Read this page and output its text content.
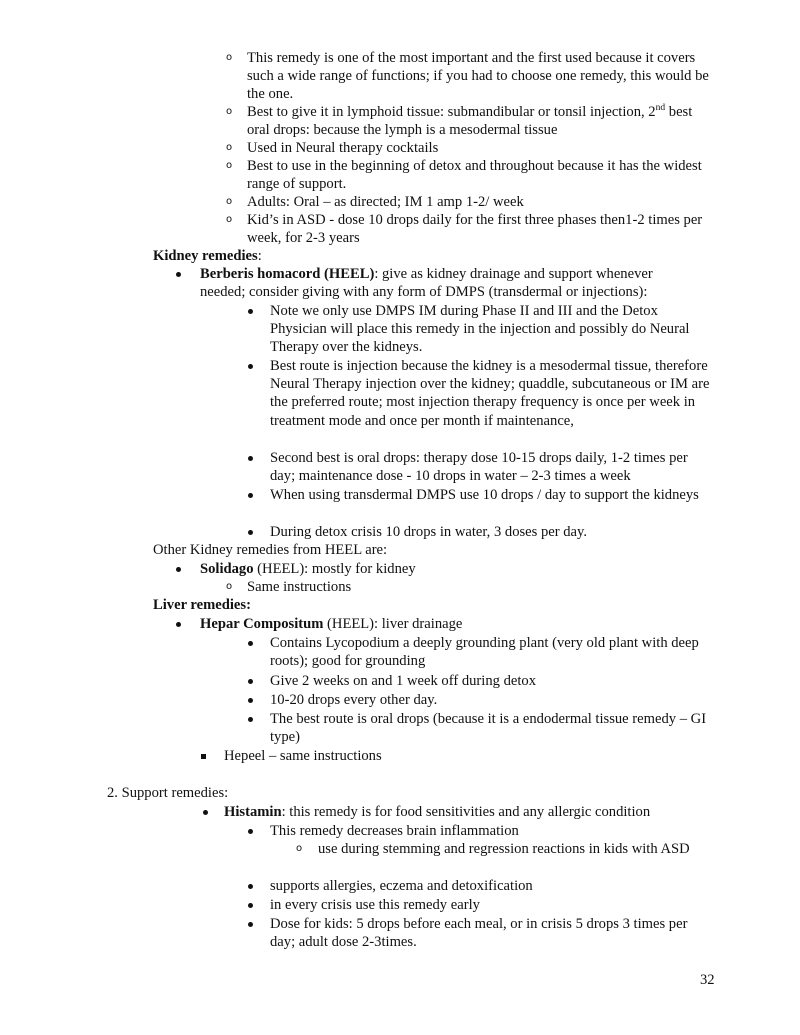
o This remedy is one of the most important and the first used because it covers such a wide range of functions; if you had to choose one remedy, this would be the one.

o Best to give it in lymphoid tissue: submandibular or tonsil injection, 2nd best oral drops: because the lymph is a mesodermal tissue

o Used in Neural therapy cocktails

o Best to use in the beginning of detox and throughout because it has the widest range of support.

o Adults: Oral – as directed; IM 1 amp 1-2/ week

o Kid’s in ASD - dose 10 drops daily for the first three phases then1-2 times per week, for 2-3 years

Kidney remedies:

Berberis homacord (HEEL): give as kidney drainage and support whenever needed; consider giving with any form of DMPS (transdermal or injections):

Note we only use DMPS IM during Phase II and III and the Detox Physician will place this remedy in the injection and possibly do Neural Therapy over the kidneys.

Best route is injection because the kidney is a mesodermal tissue, therefore Neural Therapy injection over the kidney; quaddle, subcutaneous or IM are the preferred route; most injection therapy frequency is once per week in treatment mode and once per month if maintenance,

Second best is oral drops: therapy dose 10-15 drops daily, 1-2 times per day; maintenance dose - 10 drops in water – 2-3 times a week

When using transdermal DMPS use 10 drops / day to support the kidneys

During detox crisis 10 drops in water, 3 doses per day.

Other Kidney remedies from HEEL are:

Solidago (HEEL): mostly for kidney

o Same instructions

Liver remedies:

Hepar Compositum (HEEL): liver drainage

Contains Lycopodium a deeply grounding plant (very old plant with deep roots); good for grounding

Give 2 weeks on and 1 week off during detox

10-20 drops every other day.

The best route is oral drops (because it is a endodermal tissue remedy – GI type)

Hepeel – same instructions

2. Support remedies:

Histamin: this remedy is for food sensitivities and any allergic condition

This remedy decreases brain inflammation

o use during stemming and regression reactions in kids with ASD

supports allergies, eczema and detoxification

in every crisis use this remedy early

Dose for kids: 5 drops before each meal, or in crisis 5 drops 3 times per day; adult dose 2-3times.

32
